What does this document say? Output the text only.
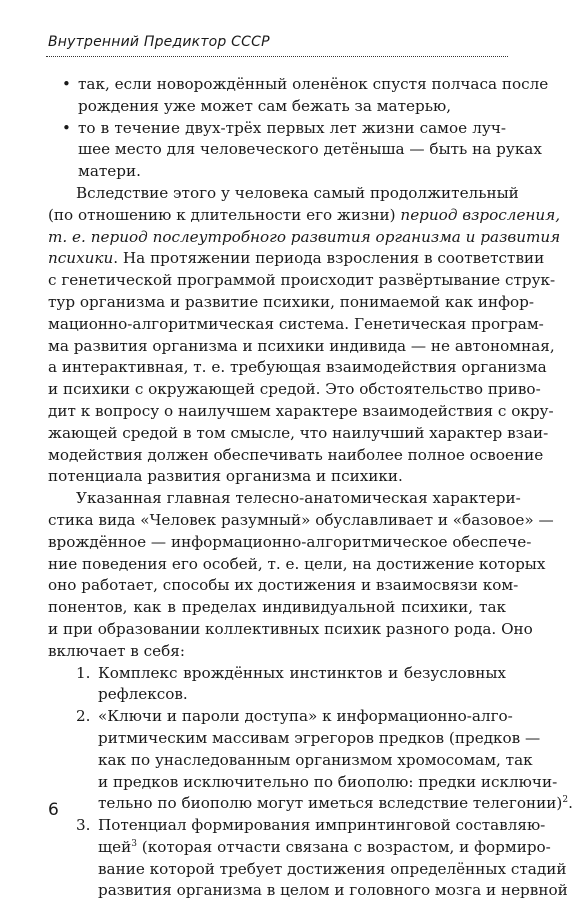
Внутренний Предиктор СССР
• так, если новорождённый оленёнок спустя полчаса после
рождения уже может сам бежать за матерью,
• то в течение двух-трёх первых лет жизни самое луч-
шее место для человеческого детёныша — быть на руках
матери.
Вследствие этого у человека самый продолжительный
(по отношению к длительности его жизни) период взросления,
т. е. период послеутробного развития организма и развития
психики. На протяжении периода взросления в соответствии
с генетической программой происходит развёртывание струк-
тур организма и развитие психики, понимаемой как инфор-
мационно-алгоритмическая система. Генетическая програм-
ма развития организма и психики индивида — не автономная,
а интерактивная, т. е. требующая взаимодействия организма
и психики с окружающей средой. Это обстоятельство приво-
дит к вопросу о наилучшем характере взаимодействия с окру-
жающей средой в том смысле, что наилучший характер взаи-
модействия должен обеспечивать наиболее полное освоение
потенциала развития организма и психики.
Указанная главная телесно-анатомическая характери-
стика вида «Человек разумный» обуславливает и «базовое» —
врождённое — информационно-алгоритмическое обеспече-
ние поведения его особей, т. е. цели, на достижение которых
оно работает, способы их достижения и взаимосвязи ком-
понентов, как в пределах индивидуальной психики, так
и при образовании коллективных психик разного рода. Оно
включает в себя:
1. Комплекс врождённых инстинктов и безусловных
рефлексов.
2. «Ключи и пароли доступа» к информационно-алго-
ритмическим массивам эгрегоров предков (предков —
как по унаследованным организмом хромосомам, так
и предков исключительно по биополю: предки исключи-
тельно по биополю могут иметься вследствие телегонии)$^2$.
3. Потенциал формирования импринтинговой составляю-
щей$^3$ (которая отчасти связана с возрастом, и формиро-
вание которой требует достижения определённых стадий
развития организма в целом и головного мозга и нервной
6
